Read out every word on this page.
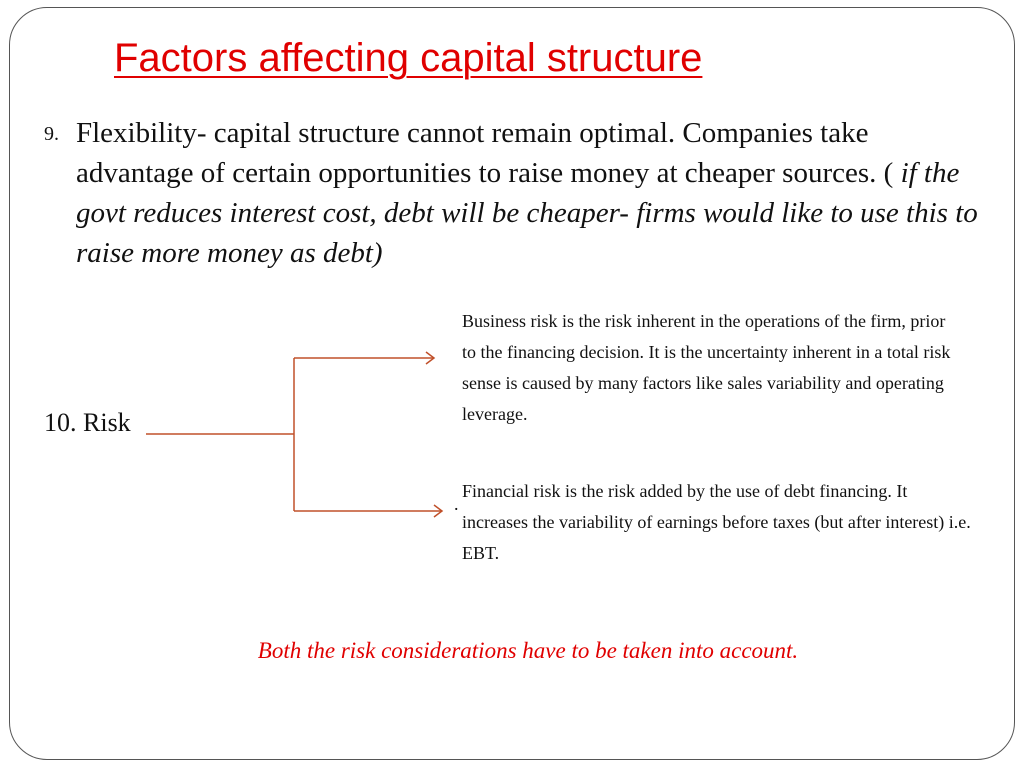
Factors affecting capital structure
9. Flexibility- capital structure cannot remain optimal. Companies take advantage of certain opportunities to raise money at cheaper sources. ( if the govt reduces interest cost, debt will be cheaper- firms would like to use this to raise more money as debt)
10. Risk
Business risk is the risk inherent in the operations of the firm, prior to the financing decision. It is the uncertainty inherent in a total risk sense is caused by many factors like sales variability and operating leverage.
.
Financial risk is the risk added by the use of debt financing. It increases the variability of earnings before taxes (but after interest) i.e. EBT.
Both the risk considerations have to be taken into account.
